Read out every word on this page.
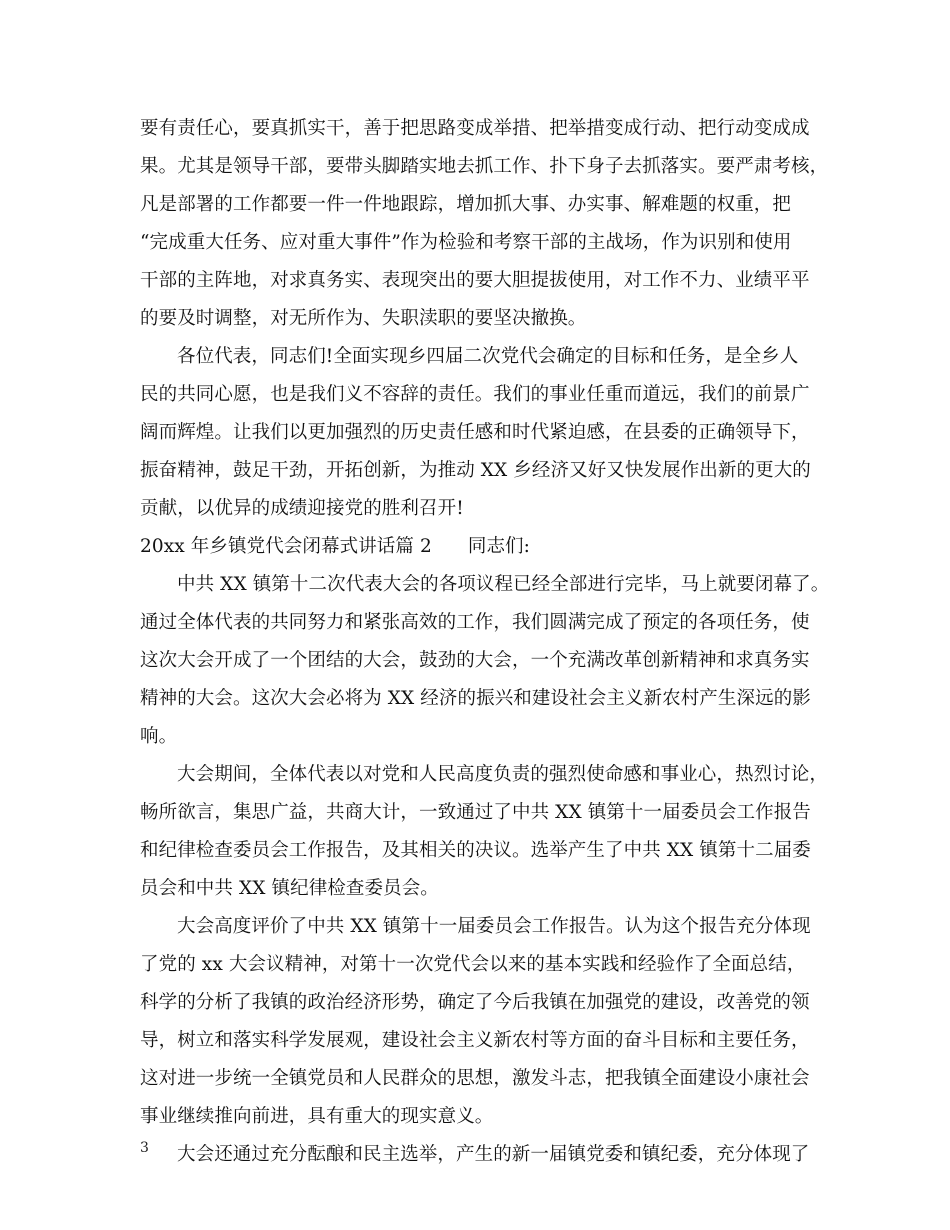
要有责任心，要真抓实干，善于把思路变成举措、把举措变成行动、把行动变成成
果。尤其是领导干部，要带头脚踏实地去抓工作、扑下身子去抓落实。要严肃考核，
凡是部署的工作都要一件一件地跟踪，增加抓大事、办实事、解难题的权重，把
“完成重大任务、应对重大事件”作为检验和考察干部的主战场，作为识别和使用
干部的主阵地，对求真务实、表现突出的要大胆提拔使用，对工作不力、业绩平平
的要及时调整，对无所作为、失职渎职的要坚决撤换。
各位代表，同志们!全面实现乡四届二次党代会确定的目标和任务，是全乡人
民的共同心愿，也是我们义不容辞的责任。我们的事业任重而道远，我们的前景广
阔而辉煌。让我们以更加强烈的历史责任感和时代紧迫感，在县委的正确领导下，
振奋精神，鼓足干劲，开拓创新，为推动 XX 乡经济又好又快发展作出新的更大的
贡献，以优异的成绩迎接党的胜利召开!
20xx 年乡镇党代会闭幕式讲话篇 2 同志们:
中共 XX 镇第十二次代表大会的各项议程已经全部进行完毕，马上就要闭幕了。
通过全体代表的共同努力和紧张高效的工作，我们圆满完成了预定的各项任务，使
这次大会开成了一个团结的大会，鼓劲的大会，一个充满改革创新精神和求真务实
精神的大会。这次大会必将为 XX 经济的振兴和建设社会主义新农村产生深远的影
响。
大会期间，全体代表以对党和人民高度负责的强烈使命感和事业心，热烈讨论，
畅所欲言，集思广益，共商大计，一致通过了中共 XX 镇第十一届委员会工作报告
和纪律检查委员会工作报告，及其相关的决议。选举产生了中共 XX 镇第十二届委
员会和中共 XX 镇纪律检查委员会。
大会高度评价了中共 XX 镇第十一届委员会工作报告。认为这个报告充分体现
了党的 xx 大会议精神，对第十一次党代会以来的基本实践和经验作了全面总结，
科学的分析了我镇的政治经济形势，确定了今后我镇在加强党的建设，改善党的领
导，树立和落实科学发展观，建设社会主义新农村等方面的奋斗目标和主要任务，
这对进一步统一全镇党员和人民群众的思想，激发斗志，把我镇全面建设小康社会
事业继续推向前进，具有重大的现实意义。
大会还通过充分酝酿和民主选举，产生的新一届镇党委和镇纪委，充分体现了
3
